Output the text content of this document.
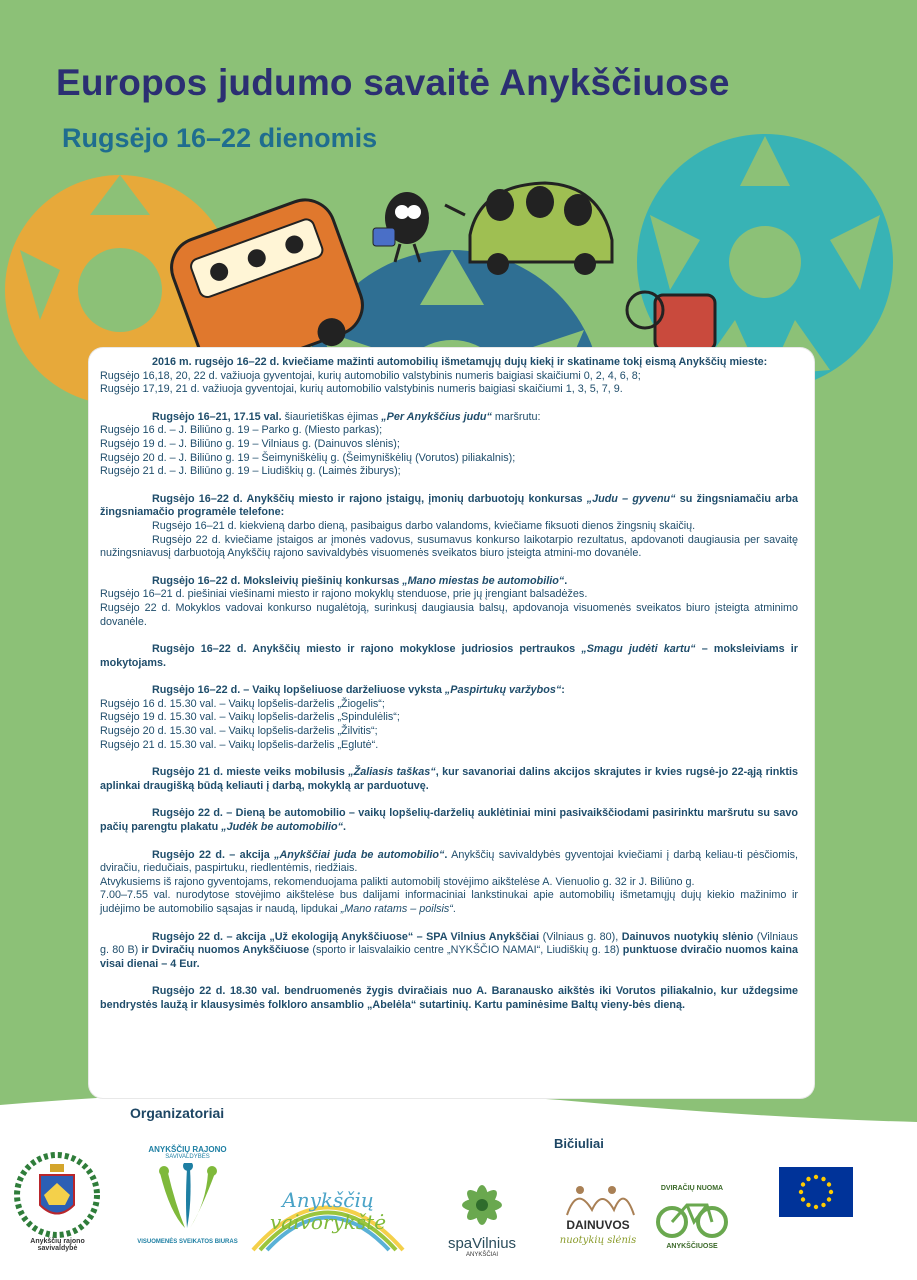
Europos judumo savaitė Anykščiuose
Rugsėjo 16–22 dienomis

2016 m. rugsėjo 16–22 d. kviečiame mažinti automobilių išmetamųjų dujų kiekį ir skatiname tokį eismą Anykščių mieste:
Rugsėjo 16,18, 20, 22 d. važiuoja gyventojai, kurių automobilio valstybinis numeris baigiasi skaičiumi 0, 2, 4, 6, 8;
Rugsėjo 17,19, 21 d. važiuoja gyventojai, kurių automobilio valstybinis numeris baigiasi skaičiumi 1, 3, 5, 7, 9.

Rugsėjo 16–21, 17.15 val. šiaurietiškas ėjimas „Per Anykščius judu“ maršrutu:
Rugsėjo 16 d. – J. Biliūno g. 19 – Parko g. (Miesto parkas);
Rugsėjo 19 d. – J. Biliūno g. 19 – Vilniaus g. (Dainuvos slėnis);
Rugsėjo 20 d. – J. Biliūno g. 19 – Šeimyniškėlių g. (Šeimyniškėlių (Vorutos) piliakalnis);
Rugsėjo 21 d. – J. Biliūno g. 19 – Liudiškių g. (Laimės žiburys);

Rugsėjo 16–22 d. Anykščių miesto ir rajono įstaigų, įmonių darbuotojų konkursas „Judu – gyvenu“ su žingsniamačiu arba žingsniamačio programėle telefone:
Rugsėjo 16–21 d. kiekvieną darbo dieną, pasibaigus darbo valandoms, kviečiame fiksuoti dienos žingsnių skaičių.
Rugsėjo 22 d. kviečiame įstaigos ar įmonės vadovus, susumavus konkurso laikotarpio rezultatus, apdovanoti daugiausia per savaitę nužingsniavusį darbuotoją Anykščių rajono savivaldybės visuomenės sveikatos biuro įsteigta atmini-mo dovanėle.

Rugsėjo 16–22 d. Moksleivių piešinių konkursas „Mano miestas be automobilio“.
Rugsėjo 16–21 d. piešiniai viešinami miesto ir rajono mokyklų stenduose, prie jų įrengiant balsadėžes.
Rugsėjo 22 d. Mokyklos vadovai konkurso nugalėtoją, surinkusį daugiausia balsų, apdovanoja visuomenės sveikatos biuro įsteigta atminimo dovanėle.

Rugsėjo 16–22 d. Anykščių miesto ir rajono mokyklose judriosios pertraukos „Smagu judėti kartu“ – moksleiviams ir mokytojams.

Rugsėjo 16–22 d. – Vaikų lopšeliuose darželiuose vyksta „Paspirtukų varžybos“:
Rugsėjo 16 d. 15.30 val. – Vaikų lopšelis-darželis „Žiogelis“;
Rugsėjo 19 d. 15.30 val. – Vaikų lopšelis-darželis „Spindulėlis“;
Rugsėjo 20 d. 15.30 val. – Vaikų lopšelis-darželis „Žilvitis“;
Rugsėjo 21 d. 15.30 val. – Vaikų lopšelis-darželis „Eglutė“.

Rugsėjo 21 d. mieste veiks mobilusis „Žaliasis taškas“, kur savanoriai dalins akcijos skrajutes ir kvies rugsė-jo 22-ąją rinktis aplinkai draugišką būdą keliauti į darbą, mokyklą ar parduotuvę.

Rugsėjo 22 d. – Dieną be automobilio – vaikų lopšelių-darželių auklėtiniai mini pasivaikščiodami pasirinktu maršrutu su savo pačių parengtu plakatu „Judėk be automobilio“.

Rugsėjo 22 d. – akcija „Anykščiai juda be automobilio“. Anykščių savivaldybės gyventojai kviečiami į darbą keliau-ti pėsčiomis, dviračiu, riedučiais, paspirtuku, riedlentėmis, riedžiais.
Atvykusiems iš rajono gyventojams, rekomenduojama palikti automobilį stovėjimo aikštelėse A. Vienuolio g. 32 ir J. Biliūno g.
7.00–7.55 val. nurodytose stovėjimo aikštelėse bus dalijami informaciniai lankstinukai apie automobilių išmetamųjų dujų kiekio mažinimo ir judėjimo be automobilio sąsajas ir naudą, lipdukai „Mano ratams – poilsis“.

Rugsėjo 22 d. – akcija „Už ekologiją Anykščiuose“ – SPA Vilnius Anykščiai (Vilniaus g. 80), Dainuvos nuotykių slėnio (Vilniaus g. 80 B) ir Dviračių nuomos Anykščiuose (sporto ir laisvalaikio centre „NYKŠČIO NAMAI“, Liudiškių g. 18) punktuose dviračio nuomos kaina visai dienai – 4 Eur.

Rugsėjo 22 d. 18.30 val. bendruomenės žygis dviračiais nuo A. Baranausko aikštės iki Vorutos piliakalnio, kur uždegsime bendrystės laužą ir klausysimės folkloro ansamblio „Abelėla“ sutartinių. Kartu paminėsime Baltų vieny-bės dieną.

Organizatoriai
Bičiuliai
Anykščių rajono
savivaldybė
ANYKŠČIŲ RAJONO
SAVIVALDYBĖS
VISUOMENĖS SVEIKATOS BIURAS
Anykščių
vaivorykštė
spaVilnius
ANYKŠČIAI
DAINUVOS
nuotykių slėnis
DVIRAČIŲ NUOMA
ANYKŠČIUOSE
